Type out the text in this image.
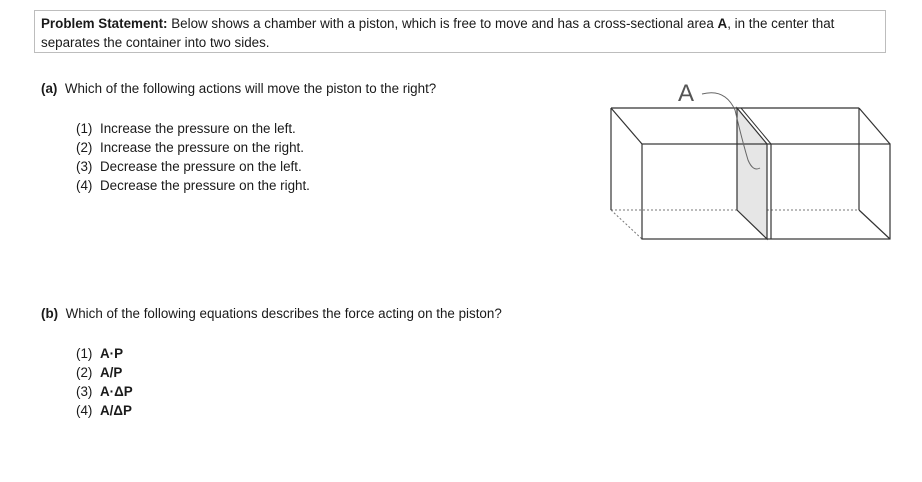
Problem Statement: Below shows a chamber with a piston, which is free to move and has a cross-sectional area A, in the center that separates the container into two sides.
(a) Which of the following actions will move the piston to the right?
(1) Increase the pressure on the left.
(2) Increase the pressure on the right.
(3) Decrease the pressure on the left.
(4) Decrease the pressure on the right.
(b) Which of the following equations describes the force acting on the piston?
(1) A·P
(2) A/P
(3) A·ΔP
(4) A/ΔP
A
